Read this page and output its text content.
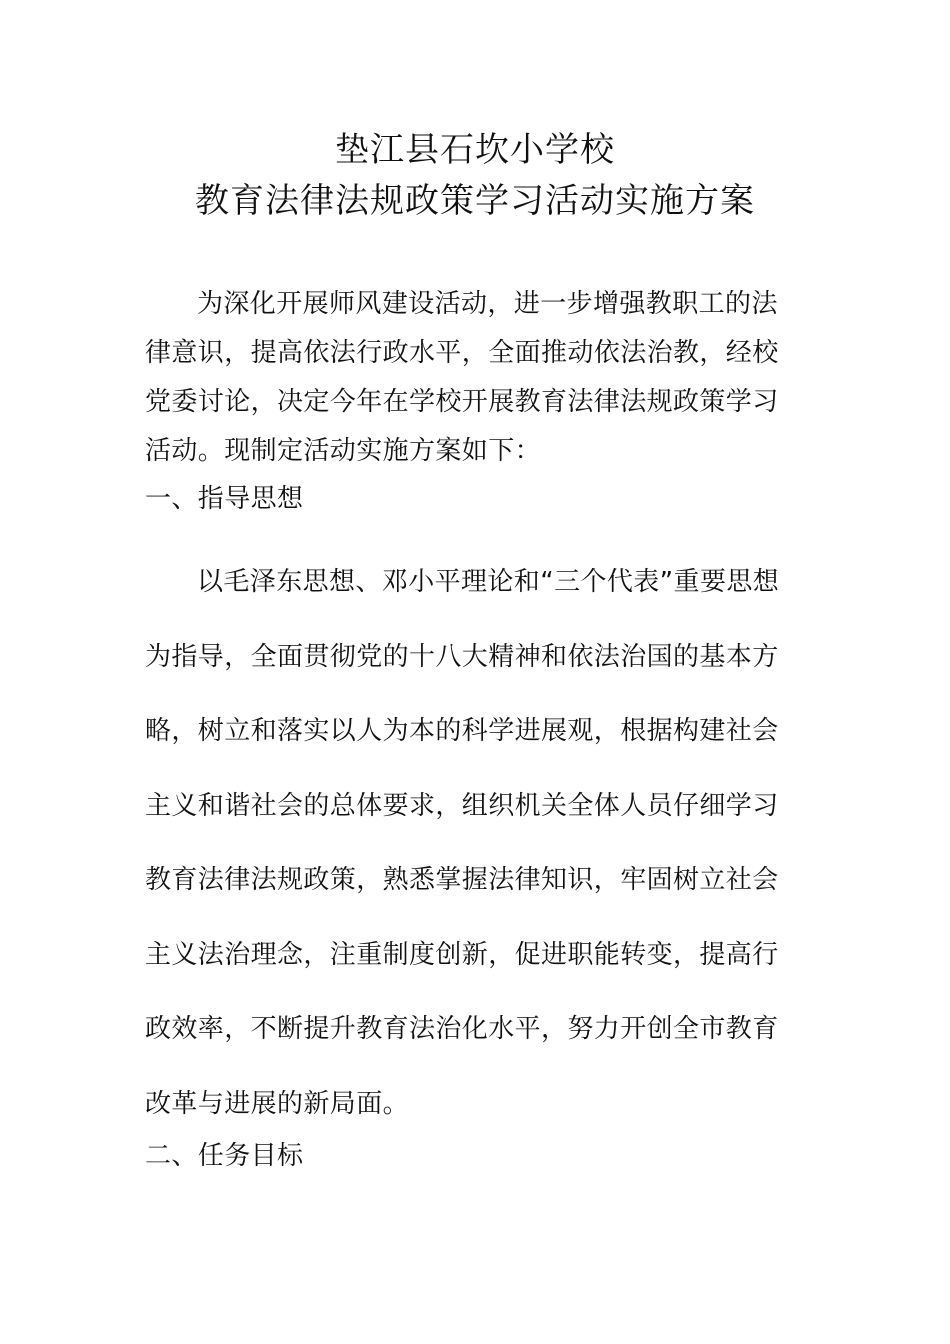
垫江县石坎小学校
教育法律法规政策学习活动实施方案

为深化开展师风建设活动，进一步增强教职工的法律意识，提高依法行政水平，全面推动依法治教，经校党委讨论，决定今年在学校开展教育法律法规政策学习活动。现制定活动实施方案如下：

一、指导思想

以毛泽东思想、邓小平理论和“三个代表”重要思想为指导，全面贯彻党的十八大精神和依法治国的基本方略，树立和落实以人为本的科学进展观，根据构建社会主义和谐社会的总体要求，组织机关全体人员仔细学习教育法律法规政策，熟悉掌握法律知识，牢固树立社会主义法治理念，注重制度创新，促进职能转变，提高行政效率，不断提升教育法治化水平，努力开创全市教育改革与进展的新局面。

二、任务目标
